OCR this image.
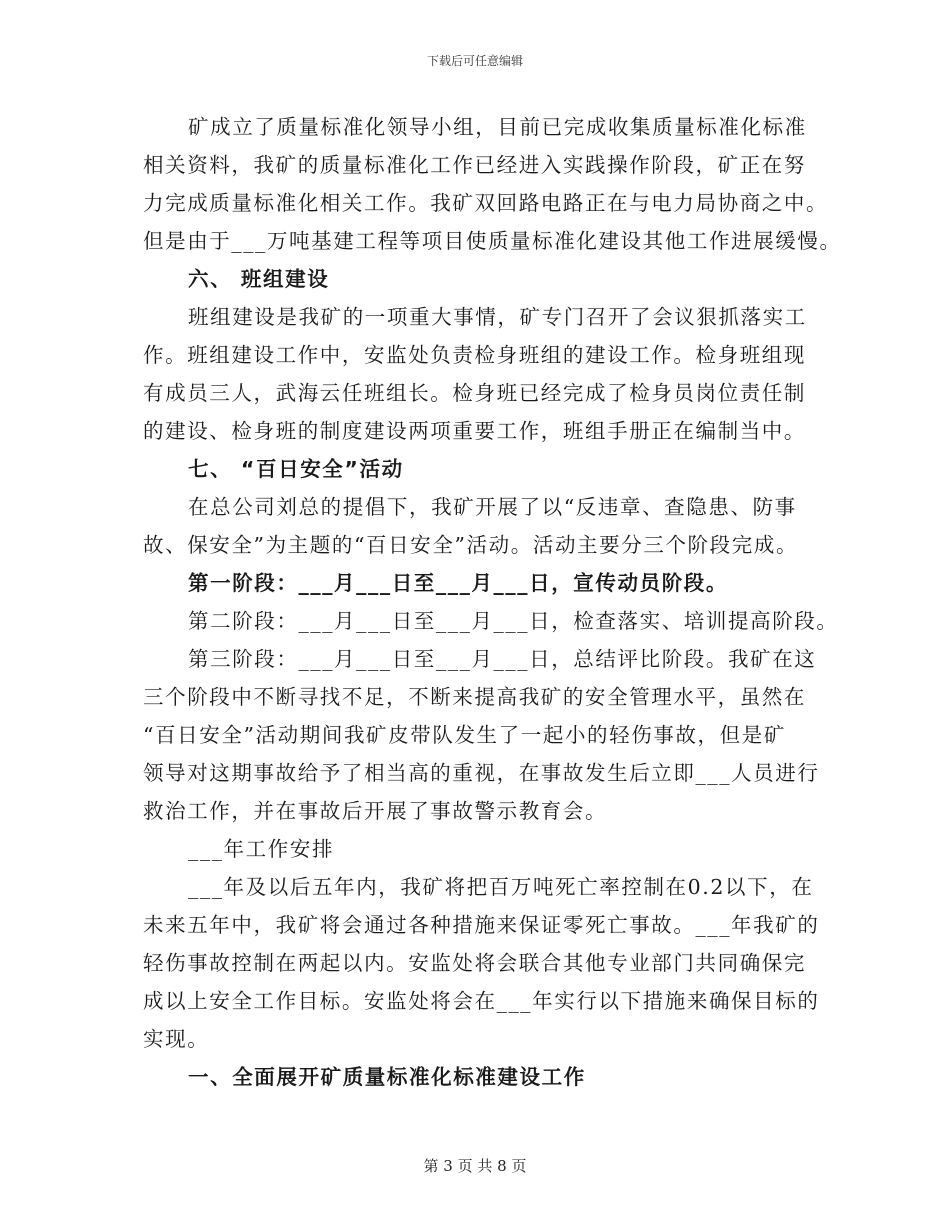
下载后可任意编辑
矿成立了质量标准化领导小组，目前已完成收集质量标准化标准
相关资料，我矿的质量标准化工作已经进入实践操作阶段，矿正在努
力完成质量标准化相关工作。我矿双回路电路正在与电力局协商之中。
但是由于___万吨基建工程等项目使质量标准化建设其他工作进展缓慢。
六、 班组建设
班组建设是我矿的一项重大事情，矿专门召开了会议狠抓落实工
作。班组建设工作中，安监处负责检身班组的建设工作。检身班组现
有成员三人，武海云任班组长。检身班已经完成了检身员岗位责任制
的建设、检身班的制度建设两项重要工作，班组手册正在编制当中。
七、 “百日安全”活动
在总公司刘总的提倡下，我矿开展了以“反违章、查隐患、防事
故、保安全”为主题的“百日安全”活动。活动主要分三个阶段完成。
第一阶段：___月___日至___月___日，宣传动员阶段。
第二阶段：___月___日至___月___日，检查落实、培训提高阶段。
第三阶段：___月___日至___月___日，总结评比阶段。我矿在这
三个阶段中不断寻找不足，不断来提高我矿的安全管理水平，虽然在
“百日安全”活动期间我矿皮带队发生了一起小的轻伤事故，但是矿
领导对这期事故给予了相当高的重视，在事故发生后立即___人员进行
救治工作，并在事故后开展了事故警示教育会。
___年工作安排
___年及以后五年内，我矿将把百万吨死亡率控制在0.2以下，在
未来五年中，我矿将会通过各种措施来保证零死亡事故。___年我矿的
轻伤事故控制在两起以内。安监处将会联合其他专业部门共同确保完
成以上安全工作目标。安监处将会在___年实行以下措施来确保目标的
实现。
一、全面展开矿质量标准化标准建设工作
第 3 页 共 8 页
